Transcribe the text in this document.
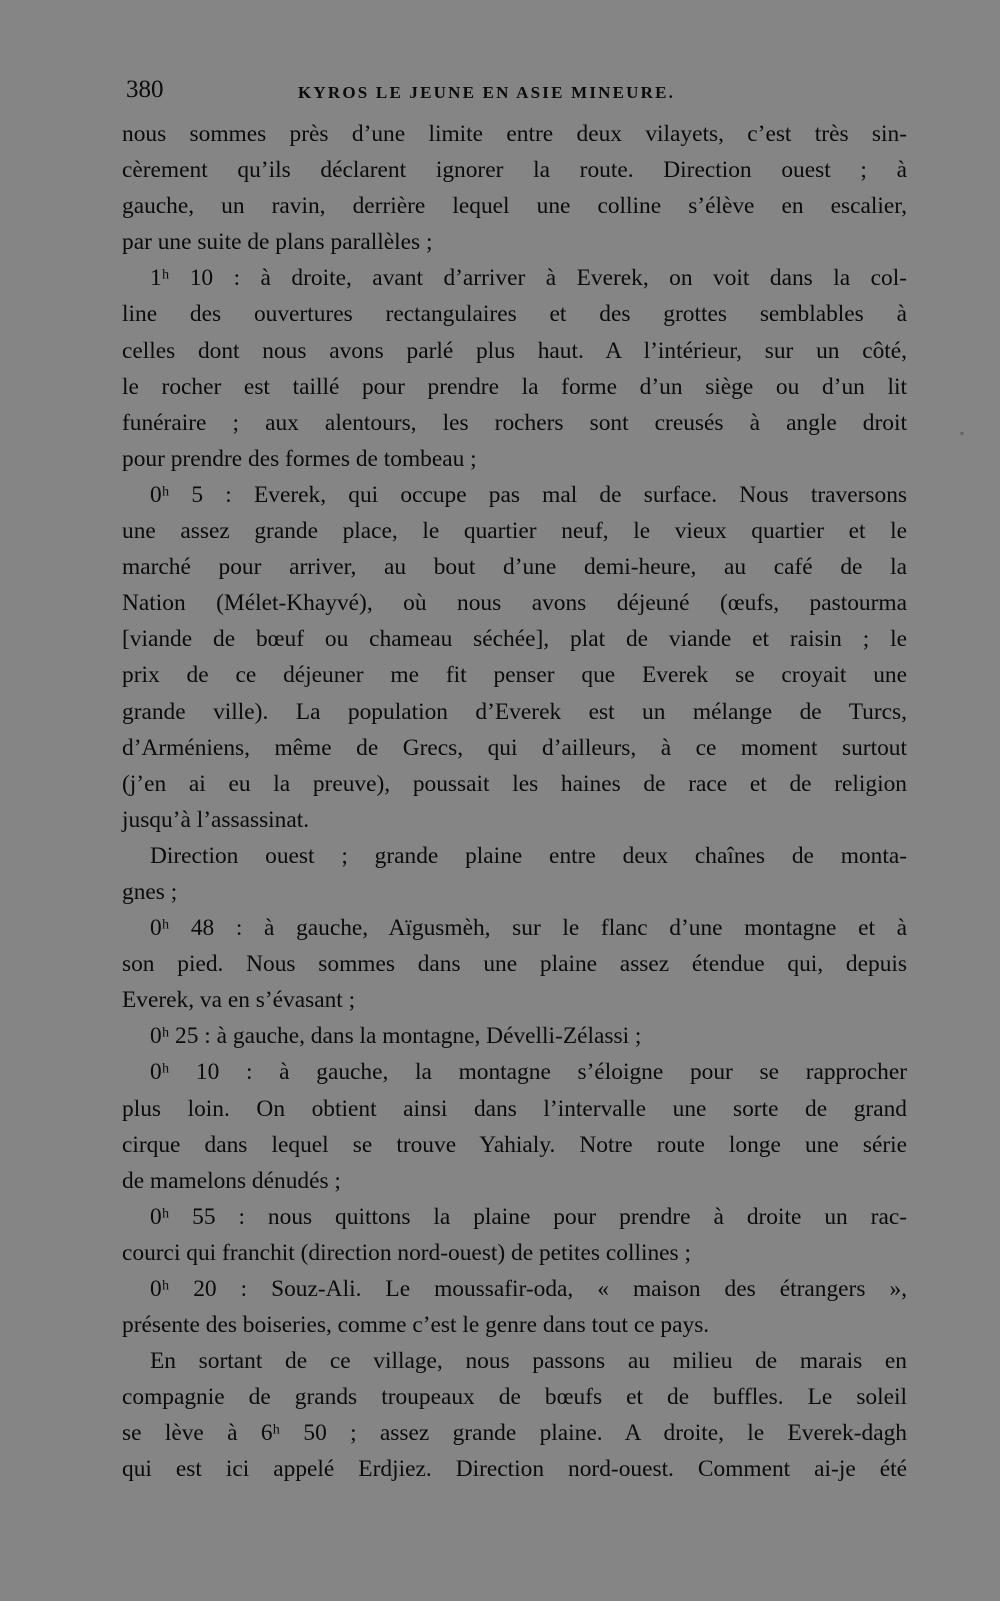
380	KYROS LE JEUNE EN ASIE MINEURE.
nous sommes près d’une limite entre deux vilayets, c’est très sin-
cèrement qu’ils déclarent ignorer la route. Direction ouest ; à
gauche, un ravin, derrière lequel une colline s’élève en escalier,
par une suite de plans parallèles ;
1ʰ 10 : à droite, avant d’arriver à Everek, on voit dans la col-
line des ouvertures rectangulaires et des grottes semblables à
celles dont nous avons parlé plus haut. A l’intérieur, sur un côté,
le rocher est taillé pour prendre la forme d’un siège ou d’un lit
funéraire ; aux alentours, les rochers sont creusés à angle droit
pour prendre des formes de tombeau ;
0ʰ 5 : Everek, qui occupe pas mal de surface. Nous traversons
une assez grande place, le quartier neuf, le vieux quartier et le
marché pour arriver, au bout d’une demi-heure, au café de la
Nation (Mélet-Khayvé), où nous avons déjeuné (œufs, pastourma
[viande de bœuf ou chameau séchée], plat de viande et raisin ; le
prix de ce déjeuner me fit penser que Everek se croyait une
grande ville). La population d’Everek est un mélange de Turcs,
d’Arméniens, même de Grecs, qui d’ailleurs, à ce moment surtout
(j’en ai eu la preuve), poussait les haines de race et de religion
jusqu’à l’assassinat.
Direction ouest ; grande plaine entre deux chaînes de monta-
gnes ;
0ʰ 48 : à gauche, Aïgusmèh, sur le flanc d’une montagne et à
son pied. Nous sommes dans une plaine assez étendue qui, depuis
Everek, va en s’évasant ;
0ʰ 25 : à gauche, dans la montagne, Dévelli-Zélassi ;
0ʰ 10 : à gauche, la montagne s’éloigne pour se rapprocher
plus loin. On obtient ainsi dans l’intervalle une sorte de grand
cirque dans lequel se trouve Yahialy. Notre route longe une série
de mamelons dénudés ;
0ʰ 55 : nous quittons la plaine pour prendre à droite un rac-
courci qui franchit (direction nord-ouest) de petites collines ;
0ʰ 20 : Souz-Ali. Le moussafir-oda, « maison des étrangers »,
présente des boiseries, comme c’est le genre dans tout ce pays.
En sortant de ce village, nous passons au milieu de marais en
compagnie de grands troupeaux de bœufs et de buffles. Le soleil
se lève à 6ʰ 50 ; assez grande plaine. A droite, le Everek-dagh
qui est ici appelé Erdjiez. Direction nord-ouest. Comment ai-je été
◦
